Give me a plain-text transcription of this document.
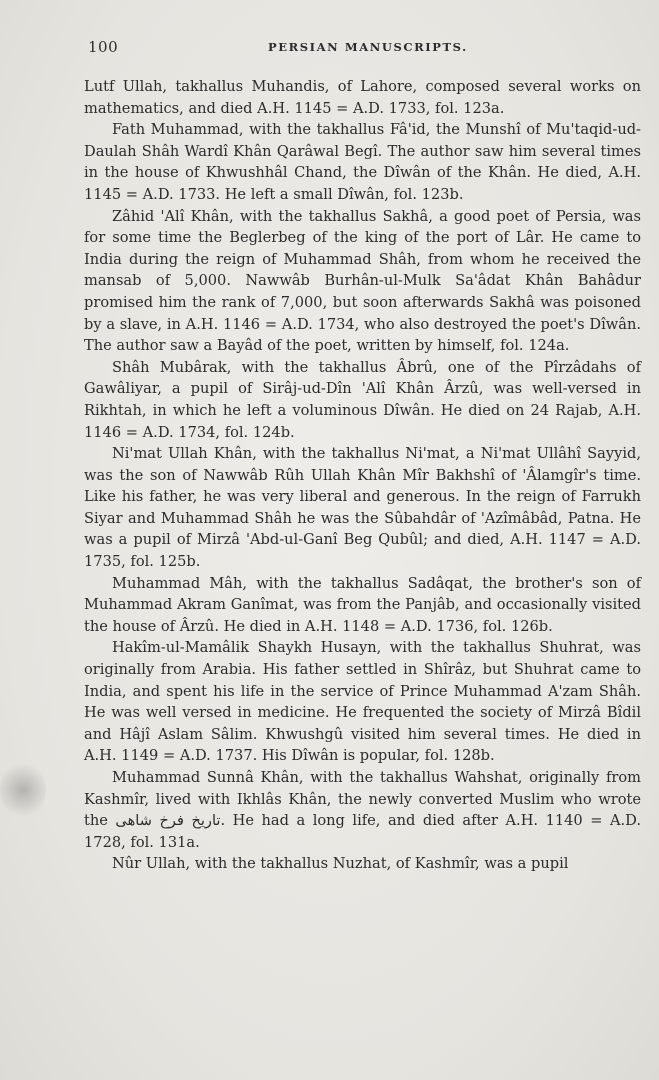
100	PERSIAN MANUSCRIPTS.

Lutf Ullah, takhallus Muhandis, of Lahore, composed several works on mathematics, and died A.H. 1145 = A.D. 1733, fol. 123a.

Fath Muhammad, with the takhallus Fâ'id, the Munshî of Mu'taqid-ud-Daulah Shâh Wardî Khân Qarâwal Begî. The author saw him several times in the house of Khwushhâl Chand, the Dîwân of the Khân. He died, A.H. 1145 = A.D. 1733. He left a small Dîwân, fol. 123b.

Zâhid 'Alî Khân, with the takhallus Sakhâ, a good poet of Persia, was for some time the Beglerbeg of the king of the port of Lâr. He came to India during the reign of Muhammad Shâh, from whom he received the mansab of 5,000. Nawwâb Burhân-ul-Mulk Sa'âdat Khân Bahâdur promised him the rank of 7,000, but soon afterwards Sakhâ was poisoned by a slave, in A.H. 1146 = A.D. 1734, who also destroyed the poet's Dîwân. The author saw a Bayâd of the poet, written by himself, fol. 124a.

Shâh Mubârak, with the takhallus Âbrû, one of the Pîrzâdahs of Gawâliyar, a pupil of Sirâj-ud-Dîn 'Alî Khân Ârzû, was well-versed in Rikhtah, in which he left a voluminous Dîwân. He died on 24 Rajab, A.H. 1146 = A.D. 1734, fol. 124b.

Ni'mat Ullah Khân, with the takhallus Ni'mat, a Ni'mat Ullâhî Sayyid, was the son of Nawwâb Rûh Ullah Khân Mîr Bakhshî of 'Âlamgîr's time. Like his father, he was very liberal and generous. In the reign of Farrukh Siyar and Muhammad Shâh he was the Sûbahdâr of 'Azîmâbâd, Patna. He was a pupil of Mirzâ 'Abd-ul-Ganî Beg Qubûl; and died, A.H. 1147 = A.D. 1735, fol. 125b.

Muhammad Mâh, with the takhallus Sadâqat, the brother's son of Muhammad Akram Ganîmat, was from the Panjâb, and occasionally visited the house of Ârzû. He died in A.H. 1148 = A.D. 1736, fol. 126b.

Hakîm-ul-Mamâlik Shaykh Husayn, with the takhallus Shuhrat, was originally from Arabia. His father settled in Shîrâz, but Shuhrat came to India, and spent his life in the service of Prince Muhammad A'zam Shâh. He was well versed in medicine. He frequented the society of Mirzâ Bîdil and Hâjî Aslam Sâlim. Khwushgû visited him several times. He died in A.H. 1149 = A.D. 1737. His Dîwân is popular, fol. 128b.

Muhammad Sunnâ Khân, with the takhallus Wahshat, originally from Kashmîr, lived with Ikhlâs Khân, the newly converted Muslim who wrote the تاریخ فرخ شاهی. He had a long life, and died after A.H. 1140 = A.D. 1728, fol. 131a.

Nûr Ullah, with the takhallus Nuzhat, of Kashmîr, was a pupil
